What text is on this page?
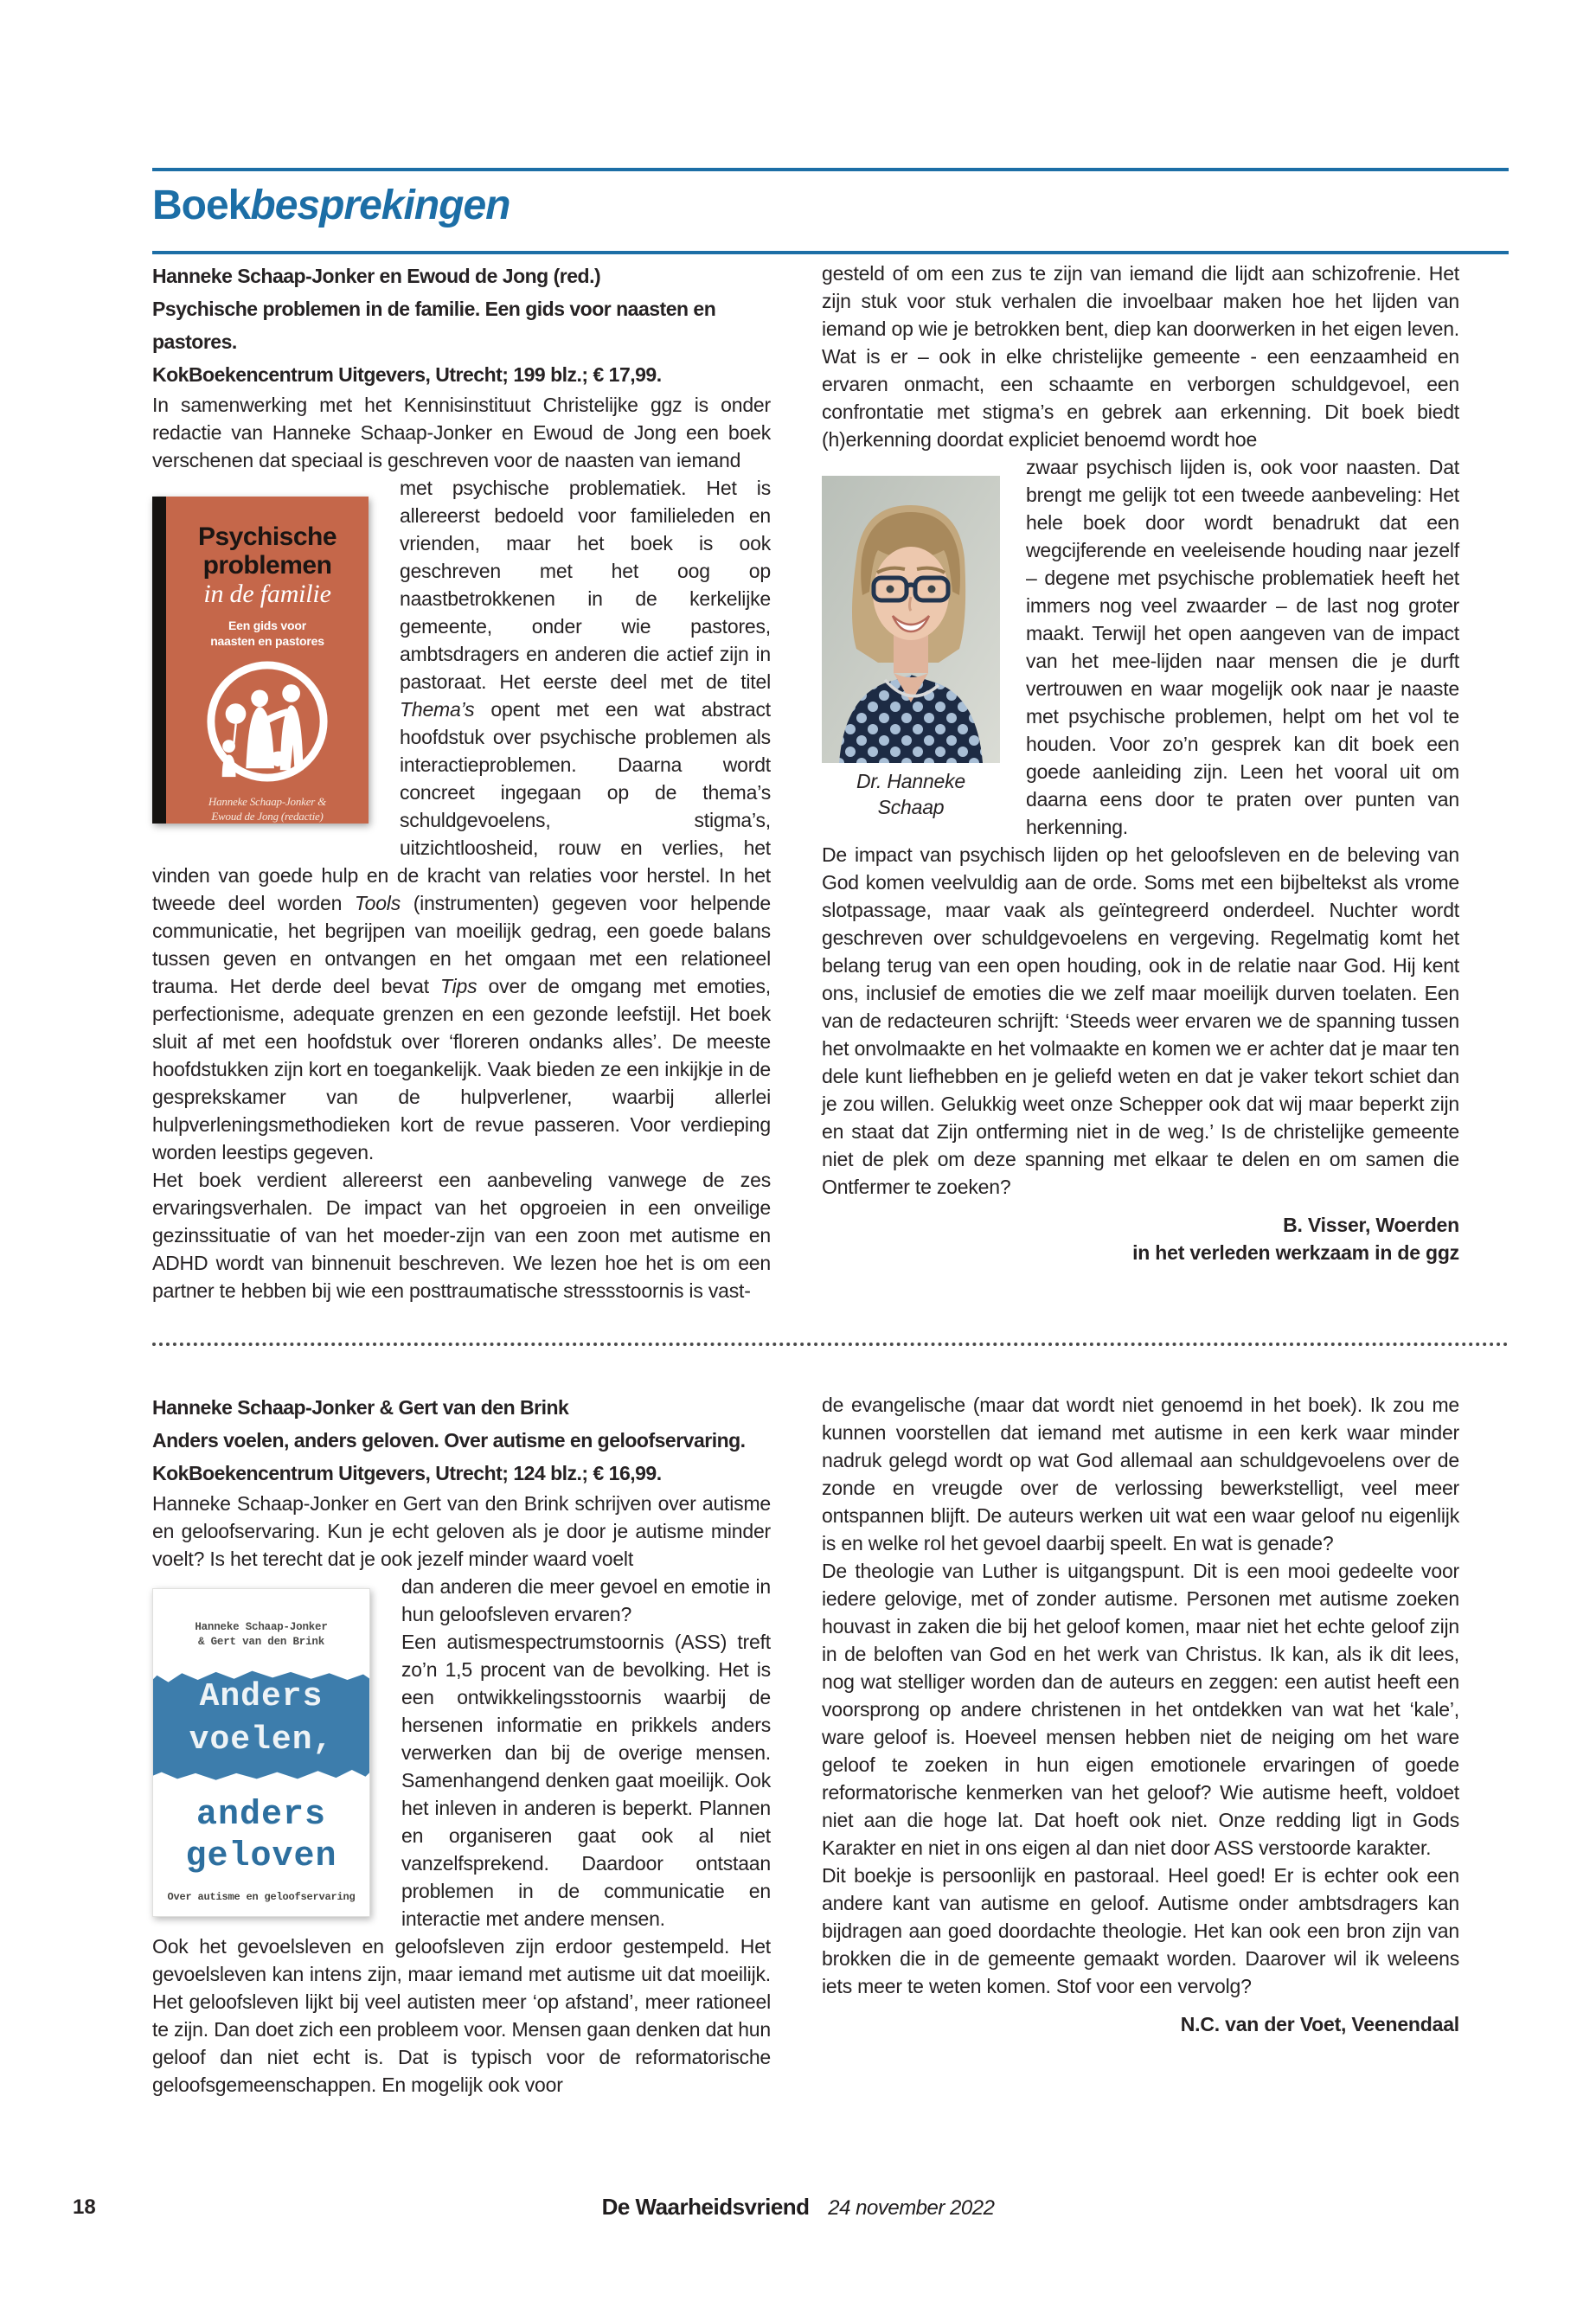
Boekbesprekingen
Hanneke Schaap-Jonker en Ewoud de Jong (red.)
Psychische problemen in de familie. Een gids voor naasten en pastores.
KokBoekencentrum Uitgevers, Utrecht; 199 blz.; € 17,99.

In samenwerking met het Kennisinstituut Christelijke ggz is onder redactie van Hanneke Schaap-Jonker en Ewoud de Jong een boek verschenen dat speciaal is geschreven voor de naasten van iemand

Psychische
problemen
in de familie
Een gids voor
naasten en pastores
Hanneke Schaap-Jonker &
Ewoud de Jong (redactie)

met psychische problematiek. Het is allereerst bedoeld voor familieleden en vrienden, maar het boek is ook geschreven met het oog op naastbetrokkenen in de kerkelijke gemeente, onder wie pastores, ambtsdragers en anderen die actief zijn in pastoraat. Het eerste deel met de titel Thema’s opent met een wat abstract hoofdstuk over psychische problemen als interactieproblemen. Daarna wordt concreet ingegaan op de thema’s schuldgevoelens, stigma’s, uitzichtloosheid, rouw en verlies, het vinden van goede hulp en de kracht van relaties voor herstel. In het tweede deel worden Tools (instrumenten) gegeven voor helpende communicatie, het begrijpen van moeilijk gedrag, een goede balans tussen geven en ontvangen en het omgaan met een relationeel trauma. Het derde deel bevat Tips over de omgang met emoties, perfectionisme, adequate grenzen en een gezonde leefstijl. Het boek sluit af met een hoofdstuk over ‘floreren ondanks alles’. De meeste hoofdstukken zijn kort en toegankelijk. Vaak bieden ze een inkijkje in de gesprekskamer van de hulpverlener, waarbij allerlei hulpverleningsmethodieken kort de revue passeren. Voor verdieping worden leestips gegeven.

Het boek verdient allereerst een aanbeveling vanwege de zes ervaringsverhalen. De impact van het opgroeien in een onveilige gezinssituatie of van het moeder-zijn van een zoon met autisme en ADHD wordt van binnenuit beschreven. We lezen hoe het is om een partner te hebben bij wie een posttraumatische stressstoornis is vast-

gesteld of om een zus te zijn van iemand die lijdt aan schizofrenie. Het zijn stuk voor stuk verhalen die invoelbaar maken hoe het lijden van iemand op wie je betrokken bent, diep kan doorwerken in het eigen leven. Wat is er – ook in elke christelijke gemeente - een eenzaamheid en ervaren onmacht, een schaamte en verborgen schuldgevoel, een confrontatie met stigma’s en gebrek aan erkenning. Dit boek biedt (h)erkenning doordat expliciet benoemd wordt hoe

Dr. Hanneke Schaap

zwaar psychisch lijden is, ook voor naasten. Dat brengt me gelijk tot een tweede aanbeveling: Het hele boek door wordt benadrukt dat een wegcijferende en veeleisende houding naar jezelf – degene met psychische problematiek heeft het immers nog veel zwaarder – de last nog groter maakt. Terwijl het open aangeven van de impact van het mee-lijden naar mensen die je durft vertrouwen en waar mogelijk ook naar je naaste met psychische problemen, helpt om het vol te houden. Voor zo’n gesprek kan dit boek een goede aanleiding zijn. Leen het vooral uit om daarna eens door te praten over punten van herkenning.

De impact van psychisch lijden op het geloofsleven en de beleving van God komen veelvuldig aan de orde. Soms met een bijbeltekst als vrome slotpassage, maar vaak als geïntegreerd onderdeel. Nuchter wordt geschreven over schuldgevoelens en vergeving. Regelmatig komt het belang terug van een open houding, ook in de relatie naar God. Hij kent ons, inclusief de emoties die we zelf maar moeilijk durven toelaten. Een van de redacteuren schrijft: ‘Steeds weer ervaren we de spanning tussen het onvolmaakte en het volmaakte en komen we er achter dat je maar ten dele kunt liefhebben en je geliefd weten en dat je vaker tekort schiet dan je zou willen. Gelukkig weet onze Schepper ook dat wij maar beperkt zijn en staat dat Zijn ontferming niet in de weg.’ Is de christelijke gemeente niet de plek om deze spanning met elkaar te delen en om samen die Ontfermer te zoeken?

B. Visser, Woerden
in het verleden werkzaam in de ggz
Hanneke Schaap-Jonker & Gert van den Brink
Anders voelen, anders geloven. Over autisme en geloofservaring.
KokBoekencentrum Uitgevers, Utrecht; 124 blz.; € 16,99.

Hanneke Schaap-Jonker en Gert van den Brink schrijven over autisme en geloofservaring. Kun je echt geloven als je door je autisme minder voelt? Is het terecht dat je ook jezelf minder waard voelt

Hanneke Schaap-Jonker
& Gert van den Brink
Anders
voelen,
anders
geloven
Over autisme en geloofservaring

dan anderen die meer gevoel en emotie in hun geloofsleven ervaren?

Een autismespectrumstoornis (ASS) treft zo’n 1,5 procent van de bevolking. Het is een ontwikkelingsstoornis waarbij de hersenen informatie en prikkels anders verwerken dan bij de overige mensen. Samenhangend denken gaat moeilijk. Ook het inleven in anderen is beperkt. Plannen en organiseren gaat ook al niet vanzelfsprekend. Daardoor ontstaan problemen in de communicatie en interactie met andere mensen.

Ook het gevoelsleven en geloofsleven zijn erdoor gestempeld. Het gevoelsleven kan intens zijn, maar iemand met autisme uit dat moeilijk. Het geloofsleven lijkt bij veel autisten meer ‘op afstand’, meer rationeel te zijn. Dan doet zich een probleem voor. Mensen gaan denken dat hun geloof dan niet echt is. Dat is typisch voor de reformatorische geloofsgemeenschappen. En mogelijk ook voor

de evangelische (maar dat wordt niet genoemd in het boek). Ik zou me kunnen voorstellen dat iemand met autisme in een kerk waar minder nadruk gelegd wordt op wat God allemaal aan schuldgevoelens over de zonde en vreugde over de verlossing bewerkstelligt, veel meer ontspannen blijft. De auteurs werken uit wat een waar geloof nu eigenlijk is en welke rol het gevoel daarbij speelt. En wat is genade?

De theologie van Luther is uitgangspunt. Dit is een mooi gedeelte voor iedere gelovige, met of zonder autisme. Personen met autisme zoeken houvast in zaken die bij het geloof komen, maar niet het echte geloof zijn in de beloften van God en het werk van Christus. Ik kan, als ik dit lees, nog wat stelliger worden dan de auteurs en zeggen: een autist heeft een voorsprong op andere christenen in het ontdekken van wat het ‘kale’, ware geloof is. Hoeveel mensen hebben niet de neiging om het ware geloof te zoeken in hun eigen emotionele ervaringen of goede reformatorische kenmerken van het geloof? Wie autisme heeft, voldoet niet aan die hoge lat. Dat hoeft ook niet. Onze redding ligt in Gods Karakter en niet in ons eigen al dan niet door ASS verstoorde karakter.

Dit boekje is persoonlijk en pastoraal. Heel goed! Er is echter ook een andere kant van autisme en geloof. Autisme onder ambtsdragers kan bijdragen aan goed doordachte theologie. Het kan ook een bron zijn van brokken die in de gemeente gemaakt worden. Daarover wil ik weleens iets meer te weten komen. Stof voor een vervolg?

N.C. van der Voet, Veenendaal
18	De Waarheidsvriend 24 november 2022
